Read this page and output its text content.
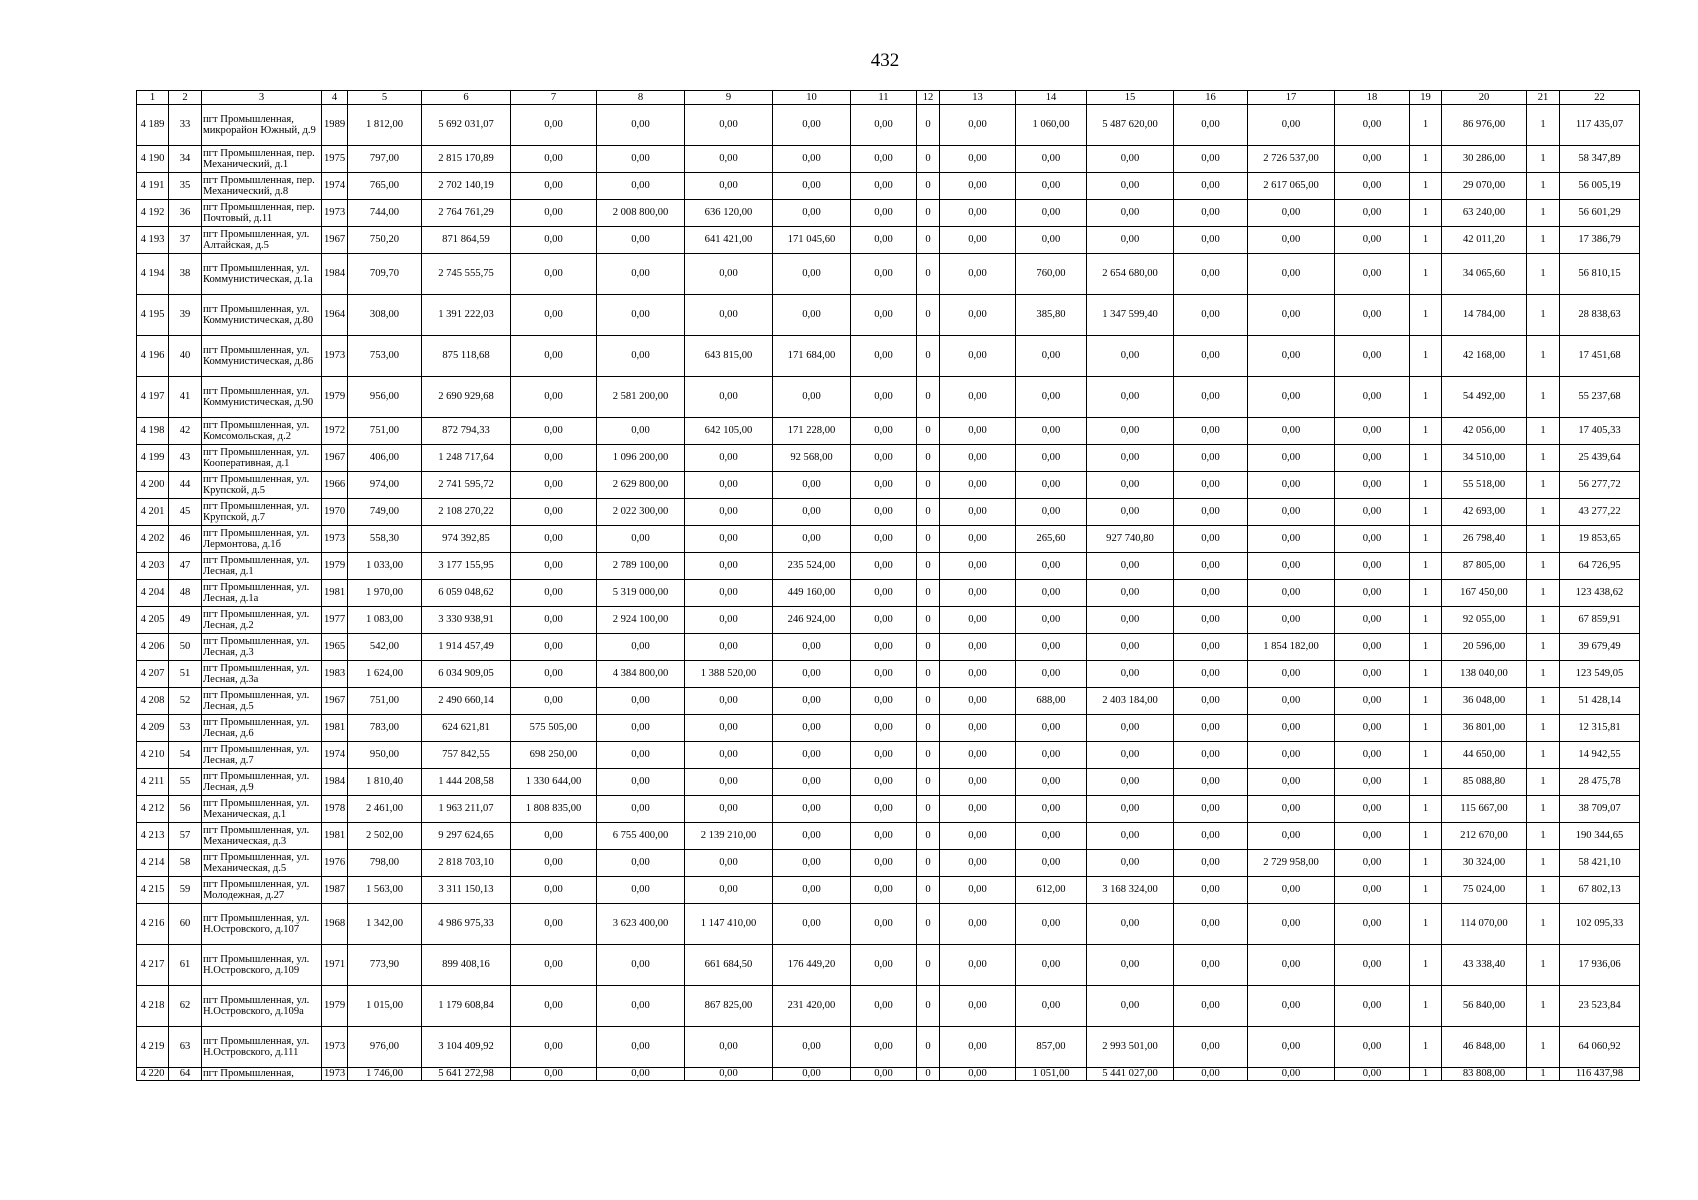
432
1	2	3	4	5	6	7	8	9	10	11	12	13	14	15	16	17	18	19	20	21	22
4 189	33	пгт Промышленная, микрорайон Южный, д.9	1989	1 812,00	5 692 031,07	0,00	0,00	0,00	0,00	0,00	0	0,00	1 060,00	5 487 620,00	0,00	0,00	0,00	1	86 976,00	1	117 435,07
4 190	34	пгт Промышленная, пер. Механический, д.1	1975	797,00	2 815 170,89	0,00	0,00	0,00	0,00	0,00	0	0,00	0,00	0,00	0,00	2 726 537,00	0,00	1	30 286,00	1	58 347,89
4 191	35	пгт Промышленная, пер. Механический, д.8	1974	765,00	2 702 140,19	0,00	0,00	0,00	0,00	0,00	0	0,00	0,00	0,00	0,00	2 617 065,00	0,00	1	29 070,00	1	56 005,19
4 192	36	пгт Промышленная, пер. Почтовый, д.11	1973	744,00	2 764 761,29	0,00	2 008 800,00	636 120,00	0,00	0,00	0	0,00	0,00	0,00	0,00	0,00	0,00	1	63 240,00	1	56 601,29
4 193	37	пгт Промышленная, ул. Алтайская, д.5	1967	750,20	871 864,59	0,00	0,00	641 421,00	171 045,60	0,00	0	0,00	0,00	0,00	0,00	0,00	0,00	1	42 011,20	1	17 386,79
4 194	38	пгт Промышленная, ул. Коммунистическая, д.1а	1984	709,70	2 745 555,75	0,00	0,00	0,00	0,00	0,00	0	0,00	760,00	2 654 680,00	0,00	0,00	0,00	1	34 065,60	1	56 810,15
4 195	39	пгт Промышленная, ул. Коммунистическая, д.80	1964	308,00	1 391 222,03	0,00	0,00	0,00	0,00	0,00	0	0,00	385,80	1 347 599,40	0,00	0,00	0,00	1	14 784,00	1	28 838,63
4 196	40	пгт Промышленная, ул. Коммунистическая, д.86	1973	753,00	875 118,68	0,00	0,00	643 815,00	171 684,00	0,00	0	0,00	0,00	0,00	0,00	0,00	0,00	1	42 168,00	1	17 451,68
4 197	41	пгт Промышленная, ул. Коммунистическая, д.90	1979	956,00	2 690 929,68	0,00	2 581 200,00	0,00	0,00	0,00	0	0,00	0,00	0,00	0,00	0,00	0,00	1	54 492,00	1	55 237,68
4 198	42	пгт Промышленная, ул. Комсомольская, д.2	1972	751,00	872 794,33	0,00	0,00	642 105,00	171 228,00	0,00	0	0,00	0,00	0,00	0,00	0,00	0,00	1	42 056,00	1	17 405,33
4 199	43	пгт Промышленная, ул. Кооперативная, д.1	1967	406,00	1 248 717,64	0,00	1 096 200,00	0,00	92 568,00	0,00	0	0,00	0,00	0,00	0,00	0,00	0,00	1	34 510,00	1	25 439,64
4 200	44	пгт Промышленная, ул. Крупской, д.5	1966	974,00	2 741 595,72	0,00	2 629 800,00	0,00	0,00	0,00	0	0,00	0,00	0,00	0,00	0,00	0,00	1	55 518,00	1	56 277,72
4 201	45	пгт Промышленная, ул. Крупской, д.7	1970	749,00	2 108 270,22	0,00	2 022 300,00	0,00	0,00	0,00	0	0,00	0,00	0,00	0,00	0,00	0,00	1	42 693,00	1	43 277,22
4 202	46	пгт Промышленная, ул. Лермонтова, д.1б	1973	558,30	974 392,85	0,00	0,00	0,00	0,00	0,00	0	0,00	265,60	927 740,80	0,00	0,00	0,00	1	26 798,40	1	19 853,65
4 203	47	пгт Промышленная, ул. Лесная, д.1	1979	1 033,00	3 177 155,95	0,00	2 789 100,00	0,00	235 524,00	0,00	0	0,00	0,00	0,00	0,00	0,00	0,00	1	87 805,00	1	64 726,95
4 204	48	пгт Промышленная, ул. Лесная, д.1а	1981	1 970,00	6 059 048,62	0,00	5 319 000,00	0,00	449 160,00	0,00	0	0,00	0,00	0,00	0,00	0,00	0,00	1	167 450,00	1	123 438,62
4 205	49	пгт Промышленная, ул. Лесная, д.2	1977	1 083,00	3 330 938,91	0,00	2 924 100,00	0,00	246 924,00	0,00	0	0,00	0,00	0,00	0,00	0,00	0,00	1	92 055,00	1	67 859,91
4 206	50	пгт Промышленная, ул. Лесная, д.3	1965	542,00	1 914 457,49	0,00	0,00	0,00	0,00	0,00	0	0,00	0,00	0,00	0,00	1 854 182,00	0,00	1	20 596,00	1	39 679,49
4 207	51	пгт Промышленная, ул. Лесная, д.3а	1983	1 624,00	6 034 909,05	0,00	4 384 800,00	1 388 520,00	0,00	0,00	0	0,00	0,00	0,00	0,00	0,00	0,00	1	138 040,00	1	123 549,05
4 208	52	пгт Промышленная, ул. Лесная, д.5	1967	751,00	2 490 660,14	0,00	0,00	0,00	0,00	0,00	0	0,00	688,00	2 403 184,00	0,00	0,00	0,00	1	36 048,00	1	51 428,14
4 209	53	пгт Промышленная, ул. Лесная, д.6	1981	783,00	624 621,81	575 505,00	0,00	0,00	0,00	0,00	0	0,00	0,00	0,00	0,00	0,00	0,00	1	36 801,00	1	12 315,81
4 210	54	пгт Промышленная, ул. Лесная, д.7	1974	950,00	757 842,55	698 250,00	0,00	0,00	0,00	0,00	0	0,00	0,00	0,00	0,00	0,00	0,00	1	44 650,00	1	14 942,55
4 211	55	пгт Промышленная, ул. Лесная, д.9	1984	1 810,40	1 444 208,58	1 330 644,00	0,00	0,00	0,00	0,00	0	0,00	0,00	0,00	0,00	0,00	0,00	1	85 088,80	1	28 475,78
4 212	56	пгт Промышленная, ул. Механическая, д.1	1978	2 461,00	1 963 211,07	1 808 835,00	0,00	0,00	0,00	0,00	0	0,00	0,00	0,00	0,00	0,00	0,00	1	115 667,00	1	38 709,07
4 213	57	пгт Промышленная, ул. Механическая, д.3	1981	2 502,00	9 297 624,65	0,00	6 755 400,00	2 139 210,00	0,00	0,00	0	0,00	0,00	0,00	0,00	0,00	0,00	1	212 670,00	1	190 344,65
4 214	58	пгт Промышленная, ул. Механическая, д.5	1976	798,00	2 818 703,10	0,00	0,00	0,00	0,00	0,00	0	0,00	0,00	0,00	0,00	2 729 958,00	0,00	1	30 324,00	1	58 421,10
4 215	59	пгт Промышленная, ул. Молодежная, д.27	1987	1 563,00	3 311 150,13	0,00	0,00	0,00	0,00	0,00	0	0,00	612,00	3 168 324,00	0,00	0,00	0,00	1	75 024,00	1	67 802,13
4 216	60	пгт Промышленная, ул. Н.Островского, д.107	1968	1 342,00	4 986 975,33	0,00	3 623 400,00	1 147 410,00	0,00	0,00	0	0,00	0,00	0,00	0,00	0,00	0,00	1	114 070,00	1	102 095,33
4 217	61	пгт Промышленная, ул. Н.Островского, д.109	1971	773,90	899 408,16	0,00	0,00	661 684,50	176 449,20	0,00	0	0,00	0,00	0,00	0,00	0,00	0,00	1	43 338,40	1	17 936,06
4 218	62	пгт Промышленная, ул. Н.Островского, д.109а	1979	1 015,00	1 179 608,84	0,00	0,00	867 825,00	231 420,00	0,00	0	0,00	0,00	0,00	0,00	0,00	0,00	1	56 840,00	1	23 523,84
4 219	63	пгт Промышленная, ул. Н.Островского, д.111	1973	976,00	3 104 409,92	0,00	0,00	0,00	0,00	0,00	0	0,00	857,00	2 993 501,00	0,00	0,00	0,00	1	46 848,00	1	64 060,92
4 220	64	пгт Промышленная,	1973	1 746,00	5 641 272,98	0,00	0,00	0,00	0,00	0,00	0	0,00	1 051,00	5 441 027,00	0,00	0,00	0,00	1	83 808,00	1	116 437,98
